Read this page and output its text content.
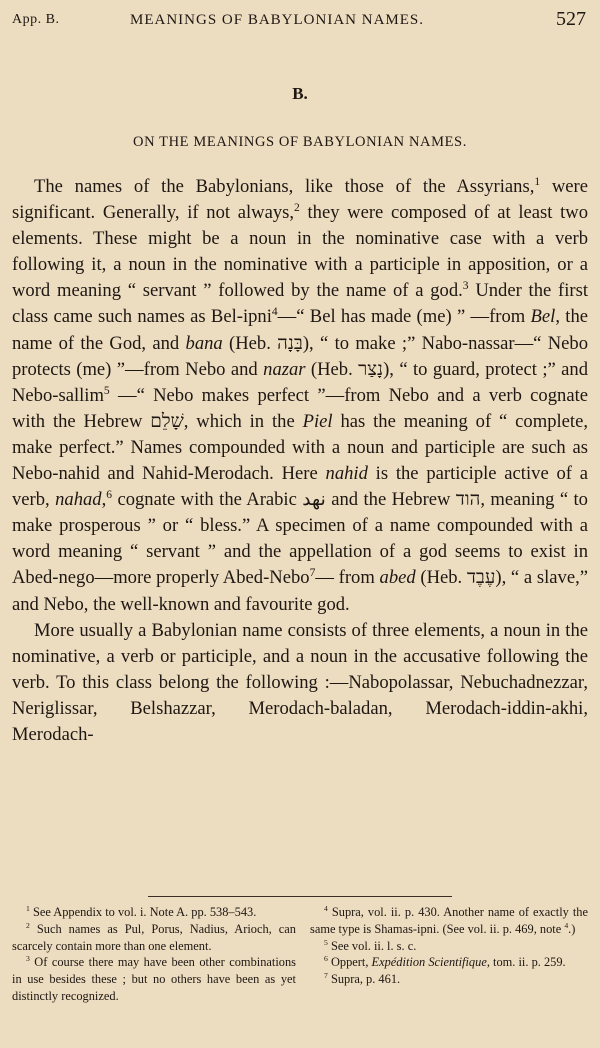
App. B.	MEANINGS OF BABYLONIAN NAMES.	527
B.
ON THE MEANINGS OF BABYLONIAN NAMES.

The names of the Babylonians, like those of the Assyrians,$^1$ were significant. Generally, if not always,$^2$ they were composed of at least two elements. These might be a noun in the nominative case with a verb following it, a noun in the nominative with a participle in apposition, or a word meaning “ servant ” followed by the name of a god.$^3$ Under the first class came such names as Bel-ipni$^4$—“ Bel has made (me) ” —from Bel, the name of the God, and bana (Heb. בָּנָה), “ to make ;” Nabo-nassar—“ Nebo protects (me) ”—from Nebo and nazar (Heb. נָצַר), “ to guard, protect ;” and Nebo-sallim$^5$ —“ Nebo makes perfect ”—from Nebo and a verb cognate with the Hebrew שָׁלֵם, which in the Piel has the meaning of “ complete, make perfect.” Names compounded with a noun and participle are such as Nebo-nahid and Nahid-Merodach. Here nahid is the participle active of a verb, nahad,$^6$ cognate with the Arabic نهد and the Hebrew הוד, meaning “ to make prosperous ” or “ bless.” A specimen of a name compounded with a word meaning “ servant ” and the appellation of a god seems to exist in Abed-nego—more properly Abed-Nebo$^7$— from abed (Heb. עֶבֶד), “ a slave,” and Nebo, the well-known and favourite god.

More usually a Babylonian name consists of three elements, a noun in the nominative, a verb or participle, and a noun in the accusative following the verb. To this class belong the following :—Nabopolassar, Nebuchadnezzar, Neriglissar, Belshazzar, Merodach-baladan, Merodach-iddin-akhi, Merodach-

$^1$ See Appendix to vol. i. Note A. pp. 538–543.

$^2$ Such names as Pul, Porus, Nadius, Arioch, can scarcely contain more than one element.

$^3$ Of course there may have been other combinations in use besides these ; but no others have been as yet distinctly recognized.

$^4$ Supra, vol. ii. p. 430. Another name of exactly the same type is Shamas-ipni. (See vol. ii. p. 469, note $^4$.)

$^5$ See vol. ii. l. s. c.

$^6$ Oppert, Expédition Scientifique, tom. ii. p. 259.

$^7$ Supra, p. 461.
